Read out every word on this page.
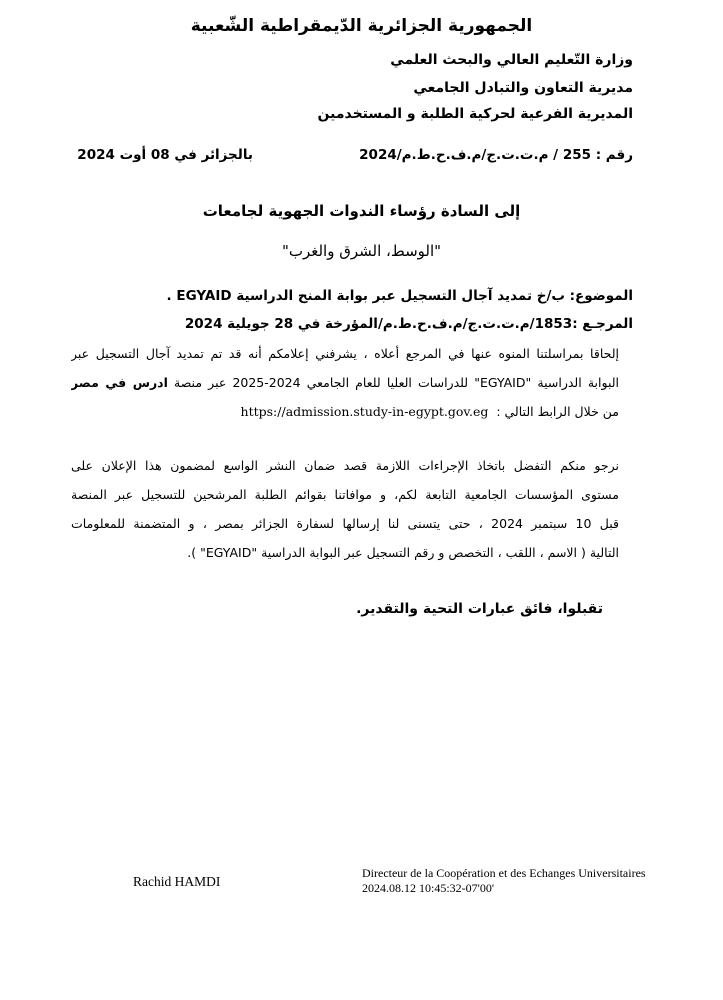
الجمهورية الجزائرية الدّيمقراطية الشّعبية
وزارة التّعليم العالي والبحث العلمي
مديرية التعاون والتبادل الجامعي
المديرية الفرعية لحركية الطلبة و المستخدمين
رقم : 255 / م.ت.ت.ج/م.ف.ح.ط.م/2024
بالجزائر في 08 أوت 2024
إلى السادة رؤساء الندوات الجهوية لجامعات
"الوسط، الشرق والغرب"
الموضوع: ب/خ تمديد آجال التسجيل عبر بوابة المنح الدراسية EGYAID .
المرجـع :1853/م.ت.ت.ج/م.ف.ح.ط.م/المؤرخة في 28 جويلية 2024
إلحاقا بمراسلتنا المنوه عنها في المرجع أعلاه ، يشرفني إعلامكم أنه قد تم تمديد آجال التسجيل عبر
البوابة الدراسية "EGYAID" للدراسات العليا للعام الجامعي 2024-2025 عبر منصة ادرس في مصر
من خلال الرابط التالي :  https://admission.study-in-egypt.gov.eg
نرجو منكم التفضل باتخاذ الإجراءات اللازمة قصد ضمان النشر الواسع لمضمون هذا الإعلان على
مستوى المؤسسات الجامعية التابعة لكم، و موافاتنا بقوائم الطلبة المرشحين للتسجيل عبر المنصة
قبل 10 سبتمبر 2024 ، حتى يتسنى لنا إرسالها لسفارة الجزائر بمصر ، و المتضمنة للمعلومات
التالية ( الاسم ، اللقب ، التخصص و رقم التسجيل عبر البوابة الدراسية "EGYAID" ).
تقبلوا، فائق عبارات التحية والتقدير.
Rachid HAMDI
Directeur de la Coopération et des Echanges Universitaires
2024.08.12 10:45:32-07'00'
